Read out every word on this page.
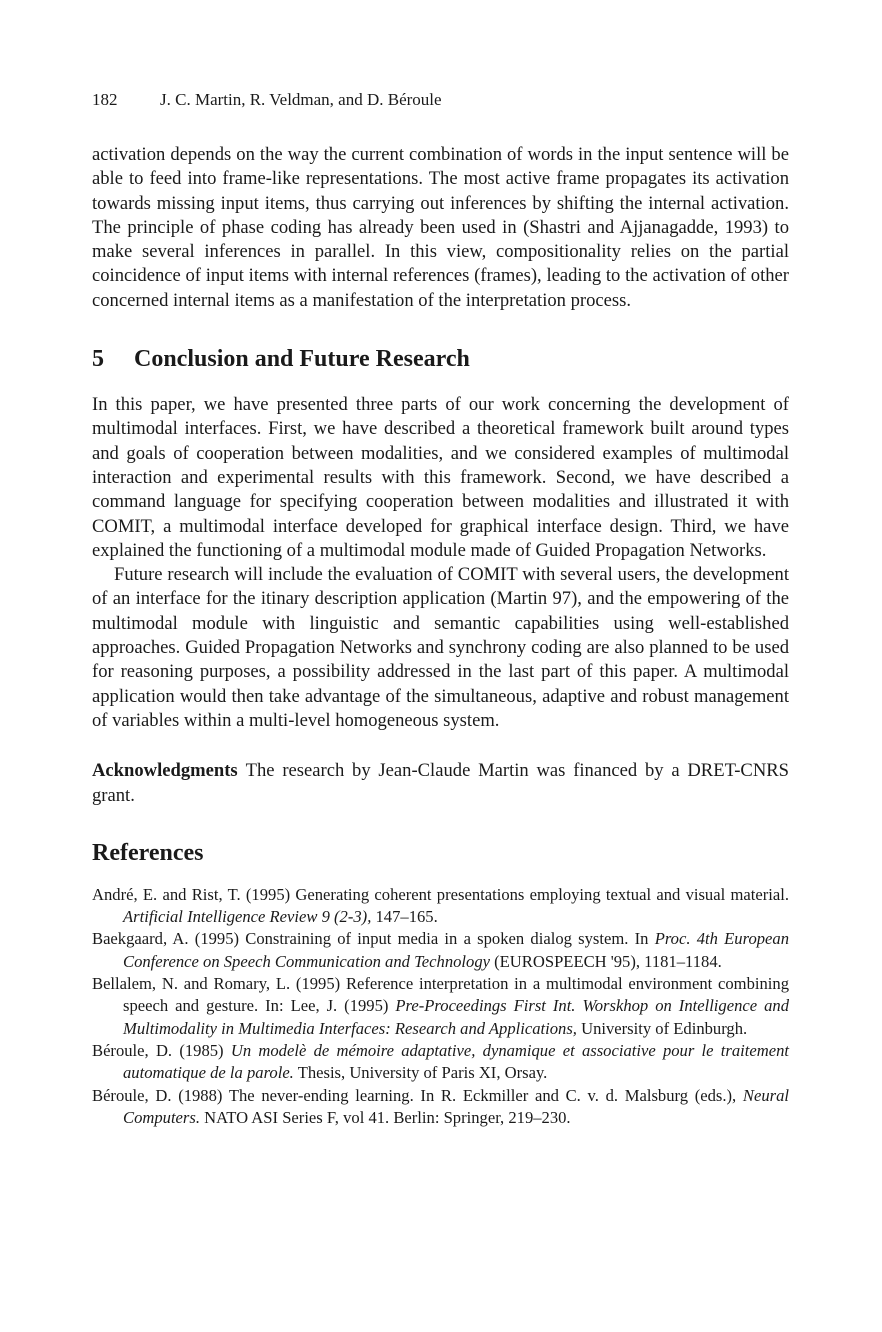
182	J. C. Martin, R. Veldman, and D. Béroule

activation depends on the way the current combination of words in the input sentence will be able to feed into frame-like representations. The most active frame propagates its activation towards missing input items, thus carrying out inferences by shifting the internal activation. The principle of phase coding has already been used in (Shastri and Ajjanagadde, 1993) to make several inferences in parallel. In this view, compositionality relies on the partial coincidence of input items with internal references (frames), leading to the activation of other concerned internal items as a manifestation of the interpretation process.

5 Conclusion and Future Research

In this paper, we have presented three parts of our work concerning the development of multimodal interfaces. First, we have described a theoretical framework built around types and goals of cooperation between modalities, and we considered examples of multimodal interaction and experimental results with this framework. Second, we have described a command language for specifying cooperation between modalities and illustrated it with COMIT, a multimodal interface developed for graphical interface design. Third, we have explained the functioning of a multimodal module made of Guided Propagation Networks.

Future research will include the evaluation of COMIT with several users, the development of an interface for the itinary description application (Martin 97), and the empowering of the multimodal module with linguistic and semantic capabilities using well-established approaches. Guided Propagation Networks and synchrony coding are also planned to be used for reasoning purposes, a possibility addressed in the last part of this paper. A multimodal application would then take advantage of the simultaneous, adaptive and robust management of variables within a multi-level homogeneous system.

Acknowledgments The research by Jean-Claude Martin was financed by a DRET-CNRS grant.

References

André, E. and Rist, T. (1995) Generating coherent presentations employing textual and visual material. Artificial Intelligence Review 9 (2-3), 147–165.

Baekgaard, A. (1995) Constraining of input media in a spoken dialog system. In Proc. 4th European Conference on Speech Communication and Technology (EUROSPEECH '95), 1181–1184.

Bellalem, N. and Romary, L. (1995) Reference interpretation in a multimodal environment combining speech and gesture. In: Lee, J. (1995) Pre-Proceedings First Int. Worskhop on Intelligence and Multimodality in Multimedia Interfaces: Research and Applications, University of Edinburgh.

Béroule, D. (1985) Un modelè de mémoire adaptative, dynamique et associative pour le traitement automatique de la parole. Thesis, University of Paris XI, Orsay.

Béroule, D. (1988) The never-ending learning. In R. Eckmiller and C. v. d. Malsburg (eds.), Neural Computers. NATO ASI Series F, vol 41. Berlin: Springer, 219–230.
